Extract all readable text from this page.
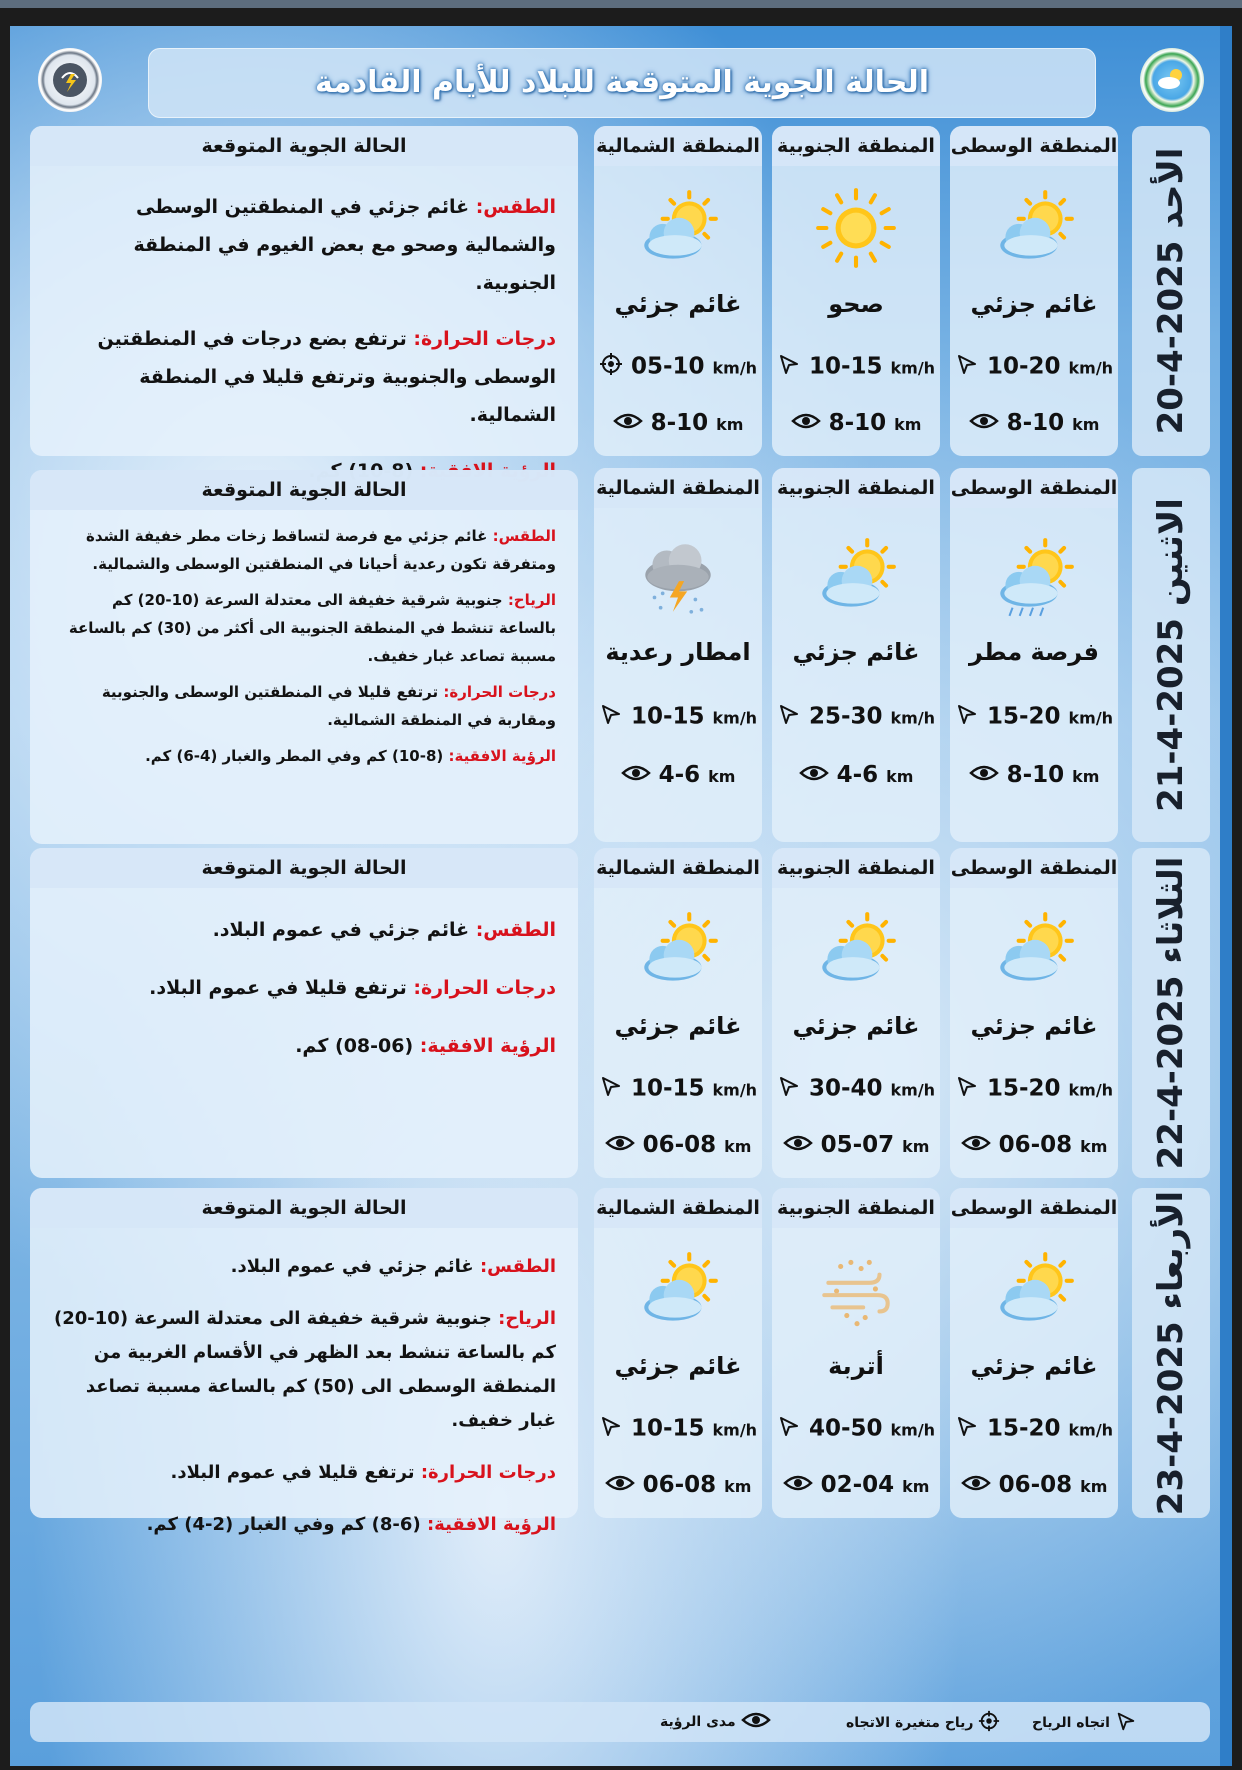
الحالة الجوية المتوقعة للبلاد للأيام القادمة
اتجاه الرياح
رياح متغيرة الاتجاه
مدى الرؤية
الأحد 2025-4-20
المنطقة الوسطى
غائم جزئي
10-20 km/h
8-10 km
المنطقة الجنوبية
صحو
10-15 km/h
8-10 km
المنطقة الشمالية
غائم جزئي
05-10 km/h
8-10 km
الحالة الجوية المتوقعة

الطقس: غائم جزئي في المنطقتين الوسطى والشمالية وصحو مع بعض الغيوم في المنطقة الجنوبية.

درجات الحرارة: ترتفع بضع درجات في المنطقتين الوسطى والجنوبية وترتفع قليلا في المنطقة الشمالية.

الاثنين 2025-4-21
المنطقة الوسطى
فرصة مطر
15-20 km/h
8-10 km
المنطقة الجنوبية
غائم جزئي
25-30 km/h
4-6 km
المنطقة الشمالية
امطار رعدية
10-15 km/h
4-6 km
الحالة الجوية المتوقعة

الطقس: غائم جزئي مع فرصة لتساقط زخات مطر خفيفة الشدة ومتفرقة تكون رعدية أحيانا في المنطقتين الوسطى والشمالية.

الرياح: جنوبية شرقية خفيفة الى معتدلة السرعة (10-20) كم بالساعة تنشط في المنطقة الجنوبية الى أكثر من (30) كم بالساعة مسببة تصاعد غبار خفيف.

درجات الحرارة: ترتفع قليلا في المنطقتين الوسطى والجنوبية ومقاربة في المنطقة الشمالية.

الرؤية الافقية: (8-10) كم وفي المطر والغبار (4-6) كم.

الثلاثاء 2025-4-22
المنطقة الوسطى
غائم جزئي
15-20 km/h
06-08 km
المنطقة الجنوبية
غائم جزئي
30-40 km/h
05-07 km
المنطقة الشمالية
غائم جزئي
10-15 km/h
06-08 km
الحالة الجوية المتوقعة

الطقس: غائم جزئي في عموم البلاد.

درجات الحرارة: ترتفع قليلا في عموم البلاد.

الرؤية الافقية: (06-08) كم.

الأربعاء 2025-4-23
المنطقة الوسطى
غائم جزئي
15-20 km/h
06-08 km
المنطقة الجنوبية
أتربة
40-50 km/h
02-04 km
المنطقة الشمالية
غائم جزئي
10-15 km/h
06-08 km
الحالة الجوية المتوقعة

الطقس: غائم جزئي في عموم البلاد.

الرياح: جنوبية شرقية خفيفة الى معتدلة السرعة (10-20) كم بالساعة تنشط بعد الظهر في الأقسام الغربية من المنطقة الوسطى الى (50) كم بالساعة مسببة تصاعد غبار خفيف.

درجات الحرارة: ترتفع قليلا في عموم البلاد.

الرؤية الافقية: (6-8) كم وفي الغبار (2-4) كم.
